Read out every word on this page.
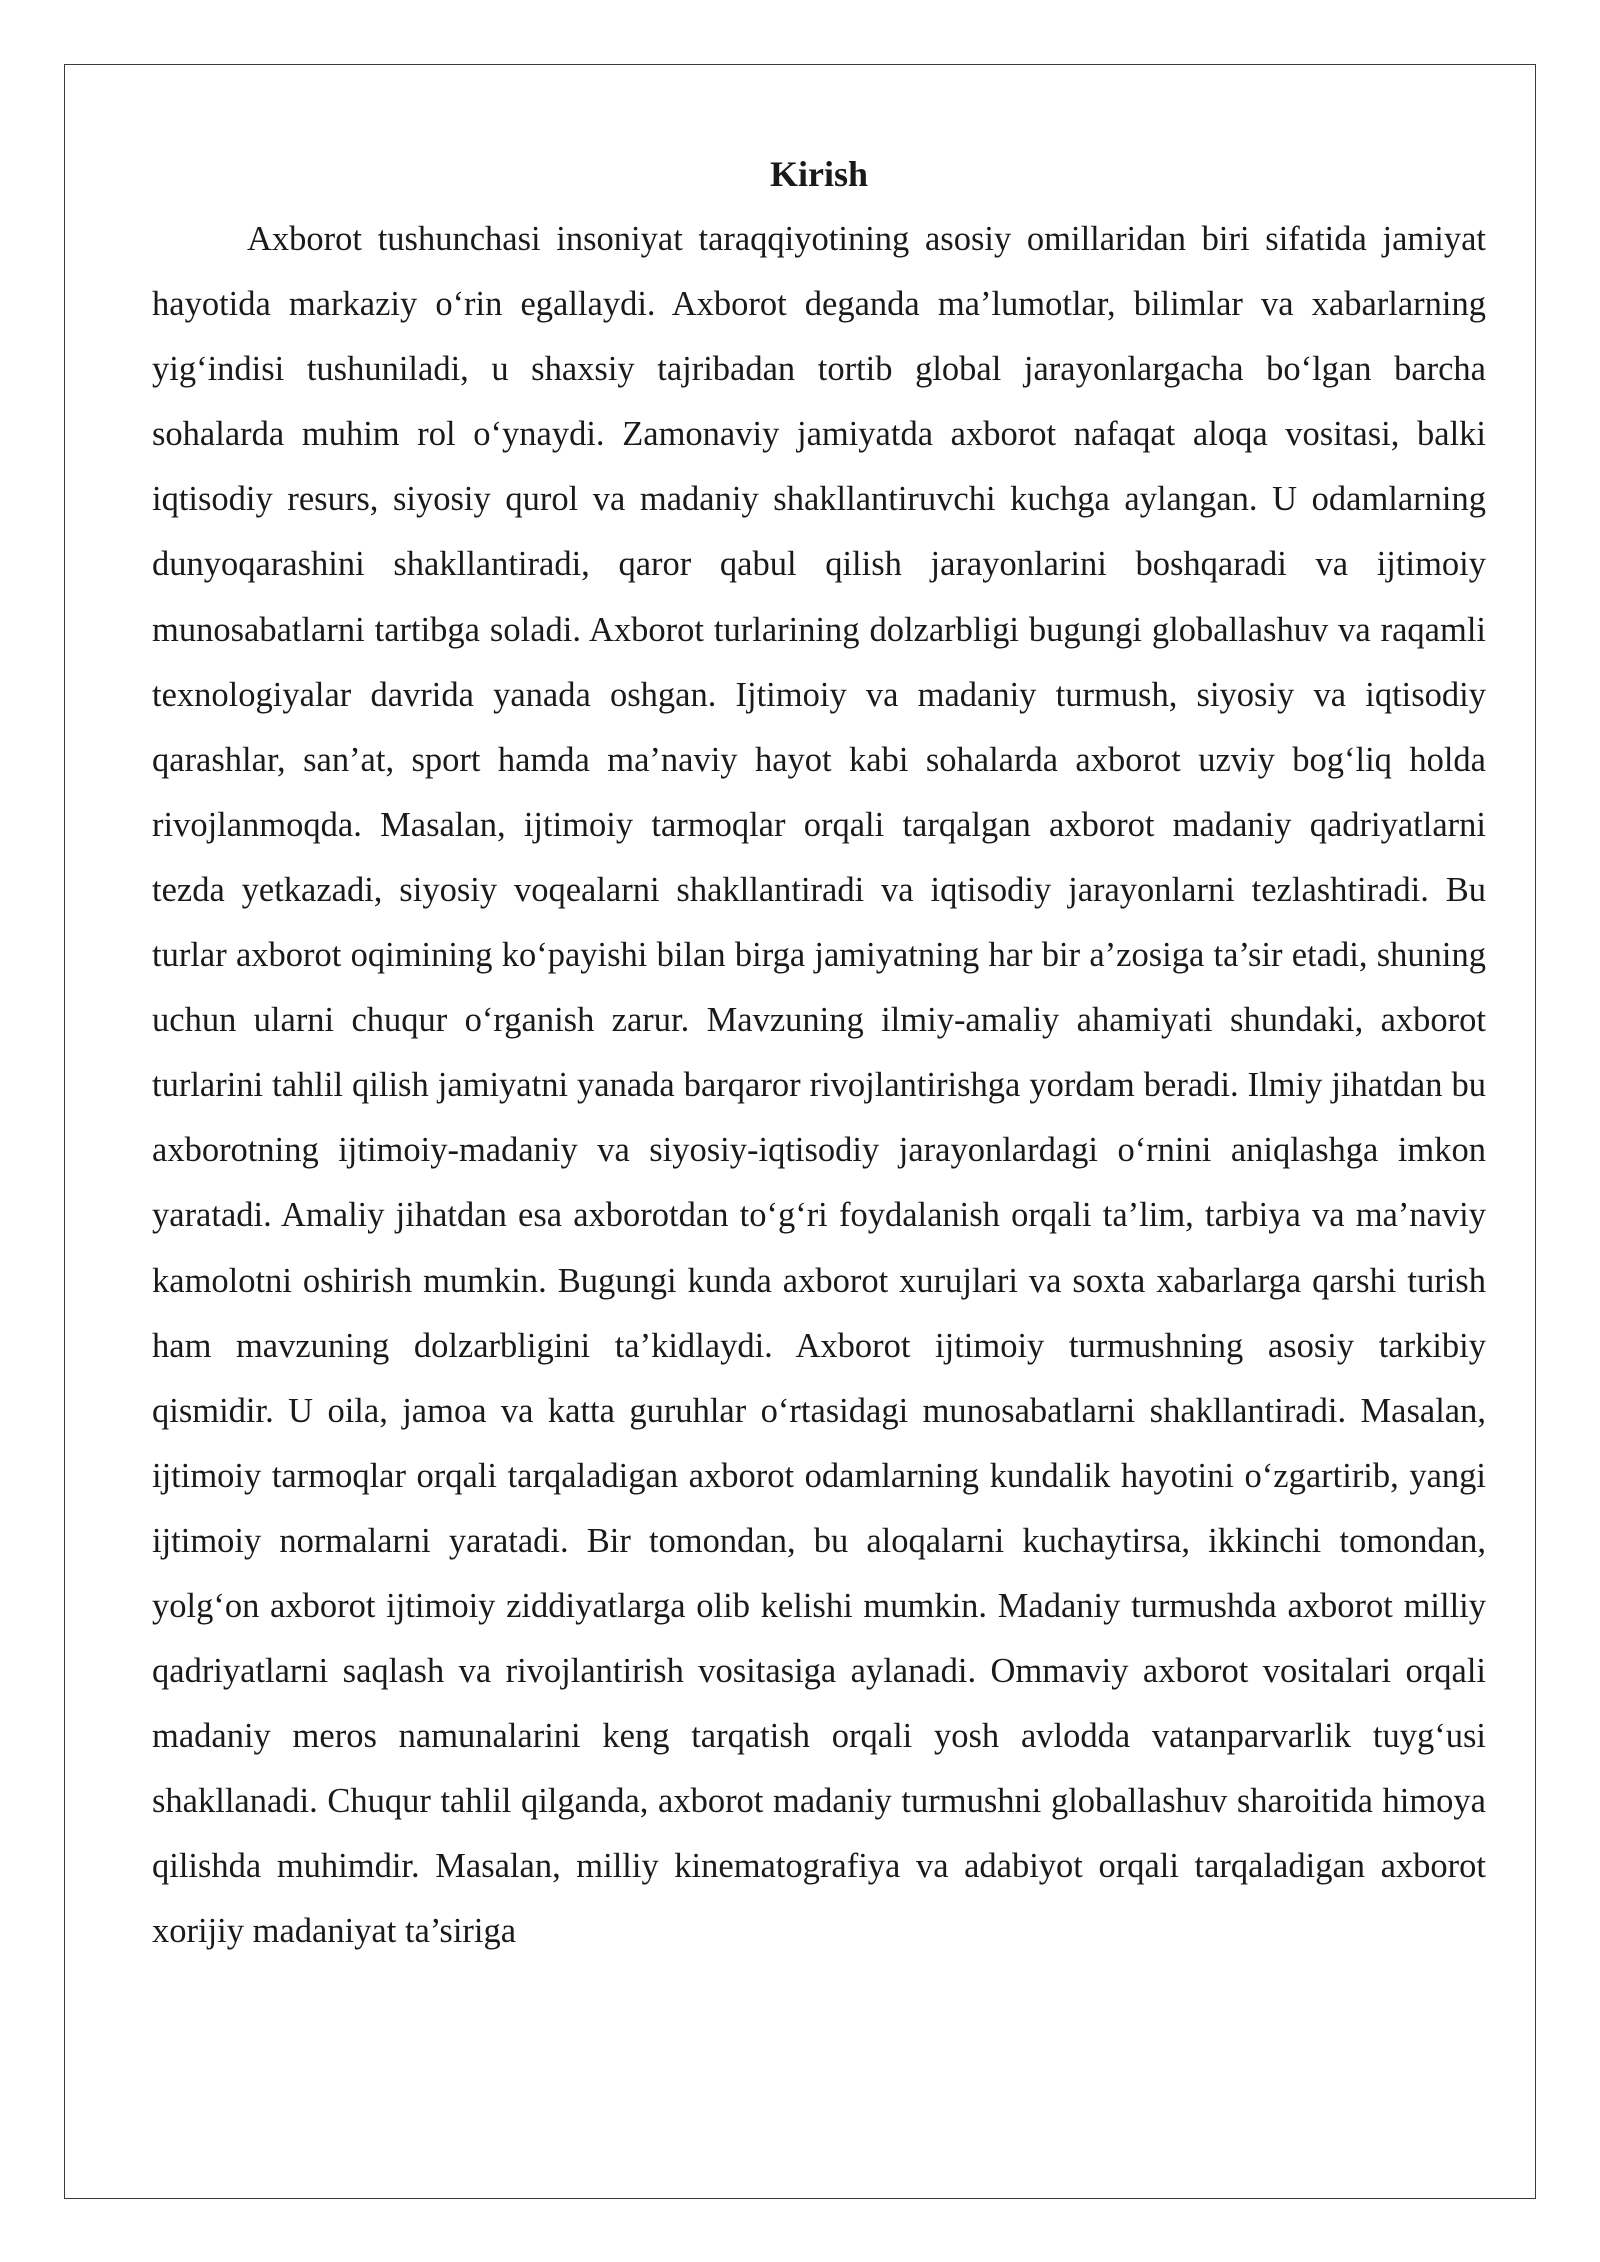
Kirish

Axborot tushunchasi insoniyat taraqqiyotining asosiy omillaridan biri sifatida jamiyat hayotida markaziy o‘rin egallaydi. Axborot deganda ma’lumotlar, bilimlar va xabarlarning yig‘indisi tushuniladi, u shaxsiy tajribadan tortib global jarayonlargacha bo‘lgan barcha sohalarda muhim rol o‘ynaydi. Zamonaviy jamiyatda axborot nafaqat aloqa vositasi, balki iqtisodiy resurs, siyosiy qurol va madaniy shakllantiruvchi kuchga aylangan. U odamlarning dunyoqarashini shakllantiradi, qaror qabul qilish jarayonlarini boshqaradi va ijtimoiy munosabatlarni tartibga soladi. Axborot turlarining dolzarbligi bugungi globallashuv va raqamli texnologiyalar davrida yanada oshgan. Ijtimoiy va madaniy turmush, siyosiy va iqtisodiy qarashlar, san’at, sport hamda ma’naviy hayot kabi sohalarda axborot uzviy bog‘liq holda rivojlanmoqda. Masalan, ijtimoiy tarmoqlar orqali tarqalgan axborot madaniy qadriyatlarni tezda yetkazadi, siyosiy voqealarni shakllantiradi va iqtisodiy jarayonlarni tezlashtiradi. Bu turlar axborot oqimining ko‘payishi bilan birga jamiyatning har bir a’zosiga ta’sir etadi, shuning uchun ularni chuqur o‘rganish zarur. Mavzuning ilmiy-amaliy ahamiyati shundaki, axborot turlarini tahlil qilish jamiyatni yanada barqaror rivojlantirishga yordam beradi. Ilmiy jihatdan bu axborotning ijtimoiy-madaniy va siyosiy-iqtisodiy jarayonlardagi o‘rnini aniqlashga imkon yaratadi. Amaliy jihatdan esa axborotdan to‘g‘ri foydalanish orqali ta’lim, tarbiya va ma’naviy kamolotni oshirish mumkin. Bugungi kunda axborot xurujlari va soxta xabarlarga qarshi turish ham mavzuning dolzarbligini ta’kidlaydi. Axborot ijtimoiy turmushning asosiy tarkibiy qismidir. U oila, jamoa va katta guruhlar o‘rtasidagi munosabatlarni shakllantiradi. Masalan, ijtimoiy tarmoqlar orqali tarqaladigan axborot odamlarning kundalik hayotini o‘zgartirib, yangi ijtimoiy normalarni yaratadi. Bir tomondan, bu aloqalarni kuchaytirsa, ikkinchi tomondan, yolg‘on axborot ijtimoiy ziddiyatlarga olib kelishi mumkin. Madaniy turmushda axborot milliy qadriyatlarni saqlash va rivojlantirish vositasiga aylanadi. Ommaviy axborot vositalari orqali madaniy meros namunalarini keng tarqatish orqali yosh avlodda vatanparvarlik tuyg‘usi shakllanadi. Chuqur tahlil qilganda, axborot madaniy turmushni globallashuv sharoitida himoya qilishda muhimdir. Masalan, milliy kinematografiya va adabiyot orqali tarqaladigan axborot xorijiy madaniyat ta’siriga
